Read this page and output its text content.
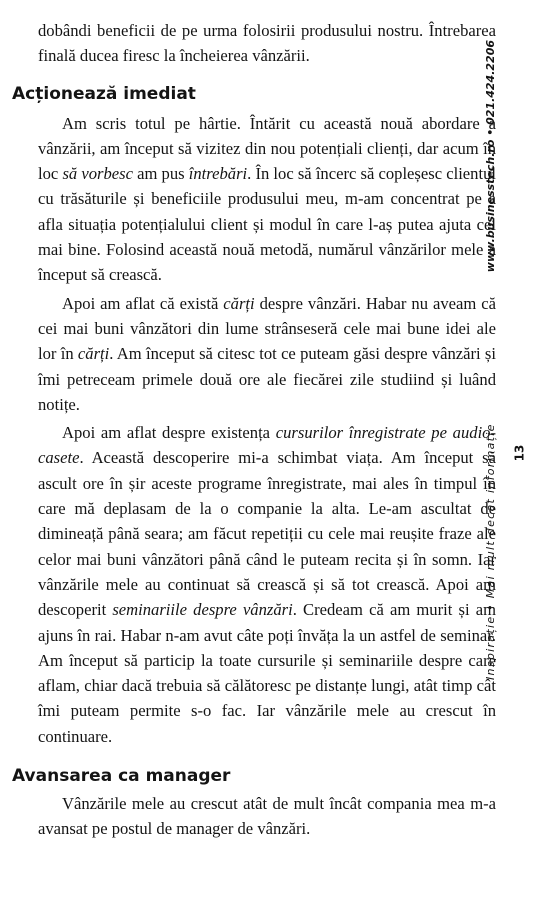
dobândi beneficii de pe urma folosirii produsului nostru. Întrebarea finală ducea firesc la încheierea vânzării.

Acționează imediat

Am scris totul pe hârtie. Întărit cu această nouă abordare a vânzării, am început să vizitez din nou potențiali clienți, dar acum în loc să vorbesc am pus întrebări. În loc să încerc să copleșesc clientul cu trăsăturile și beneficiile produsului meu, m-am concentrat pe a afla situația potențialului client și modul în care l-aș putea ajuta cel mai bine. Folosind această nouă metodă, numărul vânzărilor mele a început să crească.

Apoi am aflat că există cărți despre vânzări. Habar nu aveam că cei mai buni vânzători din lume strânseseră cele mai bune idei ale lor în cărți. Am început să citesc tot ce puteam găsi despre vânzări și îmi petreceam primele două ore ale fiecărei zile studiind și luând notițe.

Apoi am aflat despre existența cursurilor înregistrate pe audio-casete. Această descoperire mi-a schimbat viața. Am început să ascult ore în șir aceste programe înregistrate, mai ales în timpul în care mă deplasam de la o companie la alta. Le-am ascultat de dimineață până seara; am făcut repetiții cu cele mai reușite fraze ale celor mai buni vânzători până când le puteam recita și în somn. Iar vânzările mele au continuat să crească și să tot crească. Apoi am descoperit seminariile despre vânzări. Credeam că am murit și am ajuns în rai. Habar n-am avut câte poți învăța la un astfel de seminar. Am început să particip la toate cursurile și seminariile despre care aflam, chiar dacă trebuia să călătoresc pe distanțe lungi, atât timp cât îmi puteam permite s-o fac. Iar vânzările mele au crescut în continuare.

Avansarea ca manager

Vânzările mele au crescut atât de mult încât compania mea m-a avansat pe postul de manager de vânzări.

Inspirație • Mai mult decât informație
www.businesstech.ro • 021.424.2206
13
